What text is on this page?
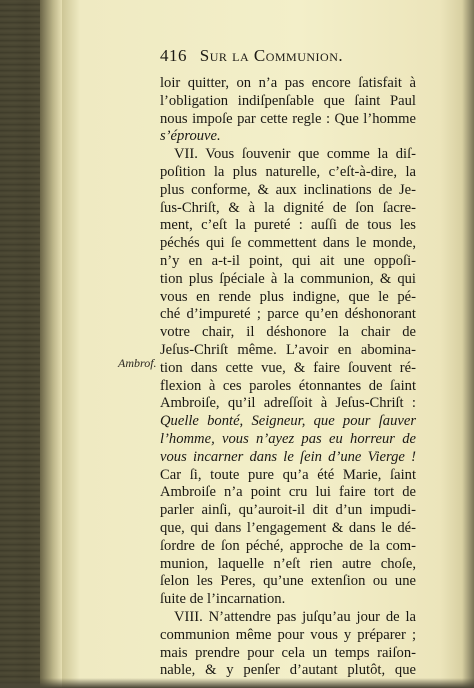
416 Sur la Communion.
Ambrof.
loir quitter, on n’a pas encore ſatisfait à
l’obligation indiſpenſable que ſaint Paul
nous impoſe par cette regle : Que l’homme
s’éprouve.
VII. Vous ſouvenir que comme la diſ-
poſition la plus naturelle, c’eſt-à-dire, la
plus conforme, & aux inclinations de Je-
ſus-Chriſt, & à la dignité de ſon ſacre-
ment, c’eſt la pureté : auſſi de tous les
péchés qui ſe commettent dans le monde,
n’y en a-t-il point, qui ait une oppoſi-
tion plus ſpéciale à la communion, & qui
vous en rende plus indigne, que le pé-
ché d’impureté ; parce qu’en déshonorant
votre chair, il déshonore la chair de
Jeſus-Chriſt même. L’avoir en abomina-
tion dans cette vue, & faire ſouvent ré-
flexion à ces paroles étonnantes de ſaint
Ambroiſe, qu’il adreſſoit à Jeſus-Chriſt :
Quelle bonté, Seigneur, que pour ſauver
l’homme, vous n’ayez pas eu horreur de
vous incarner dans le ſein d’une Vierge !
Car ſi, toute pure qu’a été Marie, ſaint
Ambroiſe n’a point cru lui faire tort de
parler ainſi, qu’auroit-il dit d’un impudi-
que, qui dans l’engagement & dans le dé-
ſordre de ſon péché, approche de la com-
munion, laquelle n’eſt rien autre choſe,
ſelon les Peres, qu’une extenſion ou une
ſuite de l’incarnation.
VIII. N’attendre pas juſqu’au jour de la
communion même pour vous y préparer ;
mais prendre pour cela un temps raiſon-
nable, & y penſer d’autant plutôt, que
